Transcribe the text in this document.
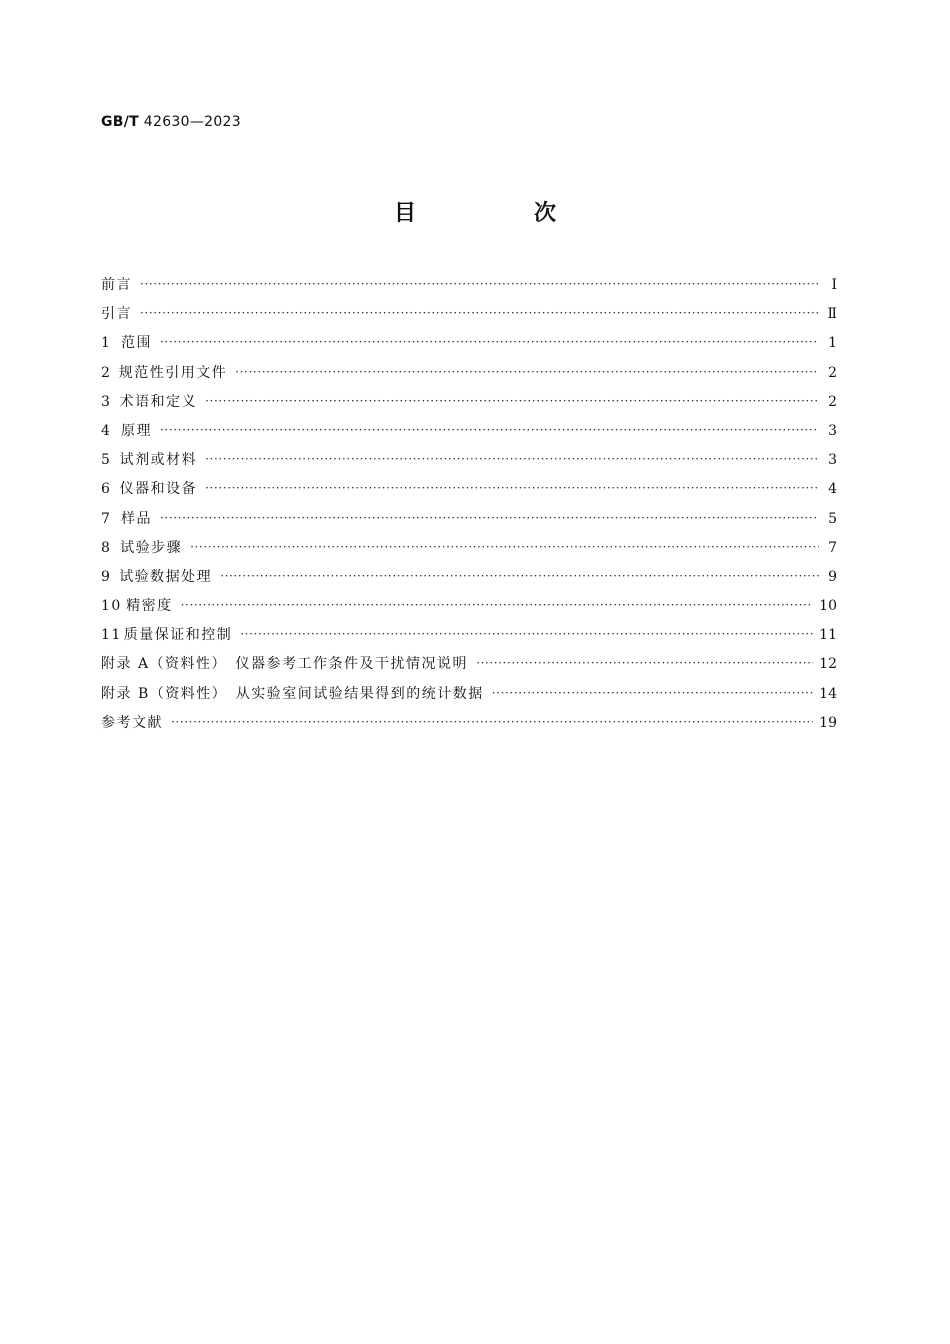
GB/T 42630—2023
目　次
前言 ·····	Ⅰ
引言 ·····	Ⅱ
1 范围 ·····	1
2 规范性引用文件 ·····	2
3 术语和定义 ·····	2
4 原理 ·····	3
5 试剂或材料 ·····	3
6 仪器和设备 ·····	4
7 样品 ·····	5
8 试验步骤 ·····	7
9 试验数据处理 ·····	9
10 精密度 ·····	10
11 质量保证和控制 ·····	11
附录 A（资料性）　仪器参考工作条件及干扰情况说明 ·····	12
附录 B（资料性）　从实验室间试验结果得到的统计数据 ·····	14
参考文献 ·····	19
